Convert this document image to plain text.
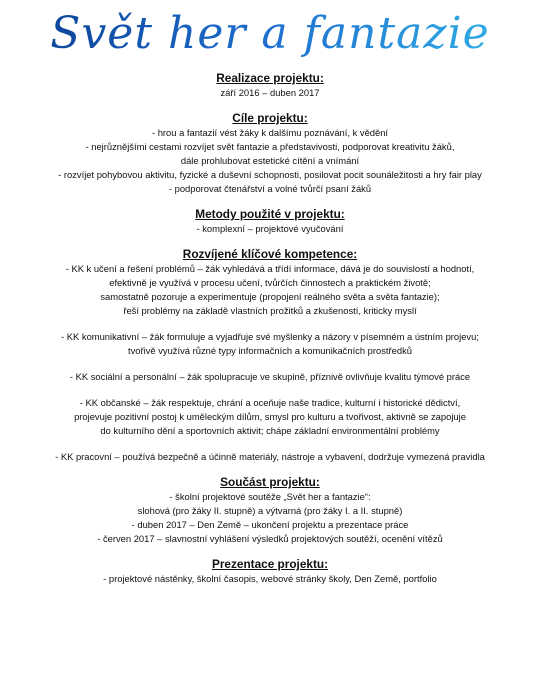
Svět her a fantazie
Realizace projektu:
září 2016 – duben 2017
Cíle projektu:
- hrou a fantazií vést žáky k dalšímu poznávání, k vědění
- nejrůznějšími cestami rozvíjet svět fantazie a představivosti, podporovat kreativitu žáků,
dále prohlubovat estetické cítění a vnímání
- rozvíjet pohybovou aktivitu, fyzické a duševní schopnosti, posilovat pocit sounáležitosti a hry fair play
- podporovat čtenářství a volné tvůrčí psaní žáků
Metody použité v projektu:
- komplexní – projektové vyučování
Rozvíjené klíčové kompetence:
- KK k učení a řešení problémů – žák vyhledává a třídí informace, dává je do souvislostí a hodnotí,
efektivně je využívá v procesu učení, tvůrčích činnostech a praktickém životě;
samostatně pozoruje a experimentuje (propojení reálného světa a světa fantazie);
řeší problémy na základě vlastních prožitků a zkušeností, kriticky myslí
- KK komunikativní – žák formuluje a vyjadřuje své myšlenky a názory v písemném a ústním projevu;
tvořivě využívá různé typy informačních a komunikačních prostředků
- KK sociální a personální – žák spolupracuje ve skupině, příznivě ovlivňuje kvalitu týmové práce
- KK občanské – žák respektuje, chrání a oceňuje naše tradice, kulturní i historické dědictví,
projevuje pozitivní postoj k uměleckým dílům, smysl pro kulturu a tvořivost, aktivně se zapojuje
do kulturního dění a sportovních aktivit; chápe základní environmentální problémy
- KK pracovní – používá bezpečně a účinně materiály, nástroje a vybavení, dodržuje vymezená pravidla
Součást projektu:
- školní projektové soutěže „Svět her a fantazie“:
slohová (pro žáky II. stupně) a výtvarná (pro žáky I. a II. stupně)
- duben 2017 – Den Země – ukončení projektu a prezentace práce
- červen 2017 – slavnostní vyhlášení výsledků projektových soutěží, ocenění vítězů
Prezentace projektu:
- projektové nástěnky, školní časopis, webové stránky školy, Den Země, portfolio
